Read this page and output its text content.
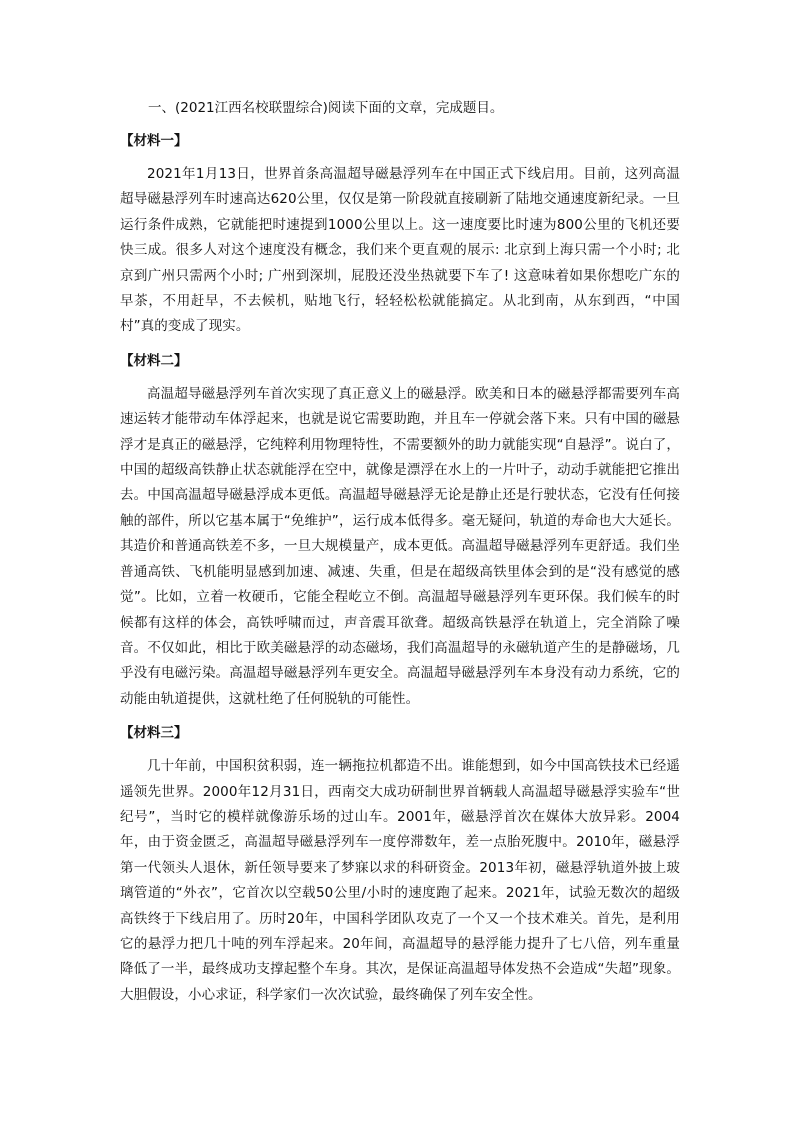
一、(2021江西名校联盟综合)阅读下面的文章，完成题目。

【材料一】

2021年1月13日，世界首条高温超导磁悬浮列车在中国正式下线启用。目前，这列高温超导磁悬浮列车时速高达620公里，仅仅是第一阶段就直接刷新了陆地交通速度新纪录。一旦运行条件成熟，它就能把时速提到1000公里以上。这一速度要比时速为800公里的飞机还要快三成。很多人对这个速度没有概念，我们来个更直观的展示: 北京到上海只需一个小时; 北京到广州只需两个小时; 广州到深圳，屁股还没坐热就要下车了! 这意味着如果你想吃广东的早茶，不用赶早，不去候机，贴地飞行，轻轻松松就能搞定。从北到南，从东到西，“中国村”真的变成了现实。

【材料二】

高温超导磁悬浮列车首次实现了真正意义上的磁悬浮。欧美和日本的磁悬浮都需要列车高速运转才能带动车体浮起来，也就是说它需要助跑，并且车一停就会落下来。只有中国的磁悬浮才是真正的磁悬浮，它纯粹利用物理特性，不需要额外的助力就能实现“自悬浮”。说白了，中国的超级高铁静止状态就能浮在空中，就像是漂浮在水上的一片叶子，动动手就能把它推出去。中国高温超导磁悬浮成本更低。高温超导磁悬浮无论是静止还是行驶状态，它没有任何接触的部件，所以它基本属于“免维护”，运行成本低得多。毫无疑问，轨道的寿命也大大延长。其造价和普通高铁差不多，一旦大规模量产，成本更低。高温超导磁悬浮列车更舒适。我们坐普通高铁、飞机能明显感到加速、减速、失重，但是在超级高铁里体会到的是“没有感觉的感觉”。比如，立着一枚硬币，它能全程屹立不倒。高温超导磁悬浮列车更环保。我们候车的时候都有这样的体会，高铁呼啸而过，声音震耳欲聋。超级高铁悬浮在轨道上，完全消除了噪音。不仅如此，相比于欧美磁悬浮的动态磁场，我们高温超导的永磁轨道产生的是静磁场，几乎没有电磁污染。高温超导磁悬浮列车更安全。高温超导磁悬浮列车本身没有动力系统，它的动能由轨道提供，这就杜绝了任何脱轨的可能性。

【材料三】

几十年前，中国积贫积弱，连一辆拖拉机都造不出。谁能想到，如今中国高铁技术已经遥遥领先世界。2000年12月31日，西南交大成功研制世界首辆载人高温超导磁悬浮实验车“世纪号”，当时它的模样就像游乐场的过山车。2001年，磁悬浮首次在媒体大放异彩。2004年，由于资金匮乏，高温超导磁悬浮列车一度停滞数年，差一点胎死腹中。2010年，磁悬浮第一代领头人退休，新任领导要来了梦寐以求的科研资金。2013年初，磁悬浮轨道外披上玻璃管道的“外衣”，它首次以空载50公里/小时的速度跑了起来。2021年，试验无数次的超级高铁终于下线启用了。历时20年，中国科学团队攻克了一个又一个技术难关。首先，是利用它的悬浮力把几十吨的列车浮起来。20年间，高温超导的悬浮能力提升了七八倍，列车重量降低了一半，最终成功支撑起整个车身。其次，是保证高温超导体发热不会造成“失超”现象。大胆假设，小心求证，科学家们一次次试验，最终确保了列车安全性。
